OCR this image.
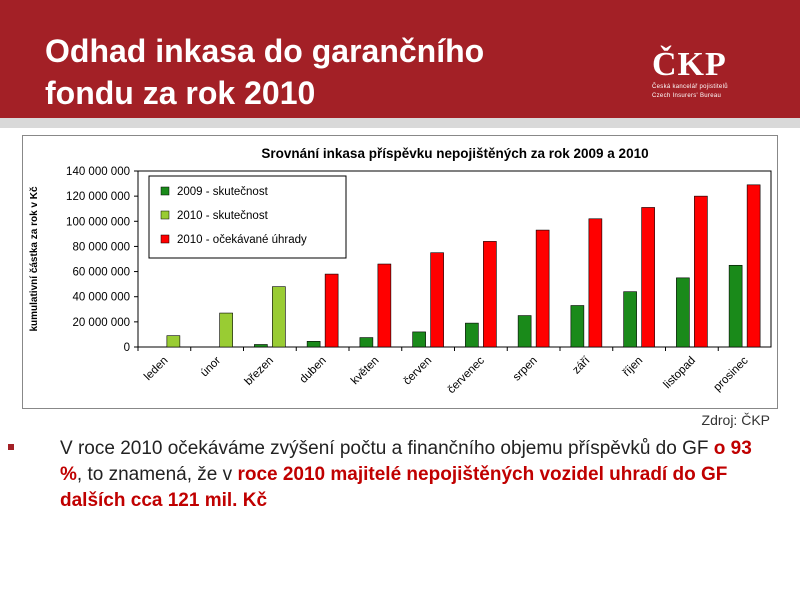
Odhad inkasa do garančního
fondu za rok 2010
ČKP
Česká kancelář pojistitelů
Czech Insurers' Bureau
Srovnání inkasa příspěvku nepojištěných za rok 2009 a 2010
kumulativní částka za rok v Kč
0
20 000 000
40 000 000
60 000 000
80 000 000
100 000 000
120 000 000
140 000 000
leden únor březen duben květen červen červenec srpen	září říjen listopad prosinec
2009 - skutečnost
2010 - skutečnost
2010 - očekávané úhrady
Zdroj: ČKP
V roce 2010 očekáváme zvýšení počtu a finančního objemu příspěvků do GF o 93 %, to znamená, že v roce 2010 majitelé nepojištěných vozidel uhradí do GF dalších cca 121 mil. Kč
